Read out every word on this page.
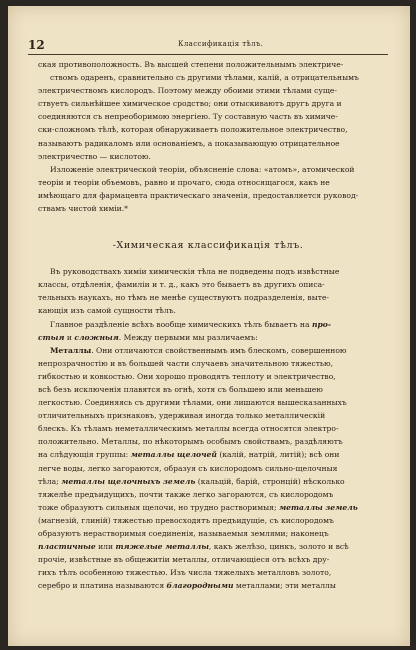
12	Классификація тѣлъ.

ская противоположность. Въ высшей степени положительнымъ электриче-

ствомъ одаренъ, сравнительно съ другими тѣлами, калій, а отрицательнымъ

электричествомъ кислородъ. Поэтому между обоими этими тѣлами суще-

ствуетъ сильнѣйшее химическое сродство; они отыскиваютъ другъ друга и

соединяются съ непреоборимою энергіею. Ту составную часть въ химиче-

ски-сложномъ тѣлѣ, которая обнаруживаетъ положительное электричество,

называютъ радикаломъ или основаніемъ, а показывающую отрицательное

электричество — кислотою.

Изложеніе электрической теоріи, объясненіе слова: «атомъ», атомической

теоріи и теоріи объемовъ, равно и прочаго, сюда относящагося, какъ не

имѣющаго для фармацевта практическаго значенія, предоставляется руковод-

ствамъ чистой химіи.*

-Химическая классификація тѣлъ.

Въ руководствахъ химіи химическія тѣла не подведены подъ извѣстные

классы, отдѣленія, фамиліи и т. д., какъ это бываетъ въ другихъ описа-

тельныхъ наукахъ, но тѣмъ не менѣе существуютъ подразделенія, выте-

кающія изъ самой сущности тѣлъ.

Главное раздѣленіе всѣхъ вообще химическихъ тѣлъ бываетъ на про-

стыя и сложныя. Между первыми мы различаемъ:

Металлы. Они отличаются свойственнымъ имъ блескомъ, совершенною

непрозрачностію и въ большей части случаевъ значительною тяжестью,

гибкостью и ковкостью. Они хорошо проводятъ теплоту и электричество,

всѣ безъ исключенія плавятся въ огнѣ, хотя съ большею или меньшею

легкостью. Соединяясь съ другими тѣлами, они лишаются вышесказанныхъ

отличительныхъ признаковъ, удерживая иногда только металлическій

блескъ. Къ тѣламъ неметаллическимъ металлы всегда относятся электро-

положительно. Металлы, по нѣкоторымъ особымъ свойствамъ, раздѣляютъ

на слѣдующія группы: металлы щелочей (калій, натрій, литій); всѣ они

легче воды, легко загораются, образуя съ кислородомъ сильно-щелочныя

тѣла; металлы щелочныхъ земель (кальцій, барій, стронцій) нѣсколько

тяжелѣе предъидущихъ, почти также легко загораются, съ кислородомъ

тоже образуютъ сильныя щелочи, но трудно растворимыя; металлы земель

(магнезій, глиній) тяжестью превосходятъ предъидущіе, съ кислородомъ

образуютъ нерастворимыя соединенія, называемыя землями; наконецъ

пластичные или тяжелые металлы, какъ желѣзо, цинкъ, золото и всѣ

прочіе, извѣстные въ общежитіи металлы, отличающіеся отъ всѣхъ дру-

гихъ тѣлъ особенною тяжестью. Изъ числа тяжелыхъ металловъ золото,

серебро и платина называются благородными металлами; эти металлы
